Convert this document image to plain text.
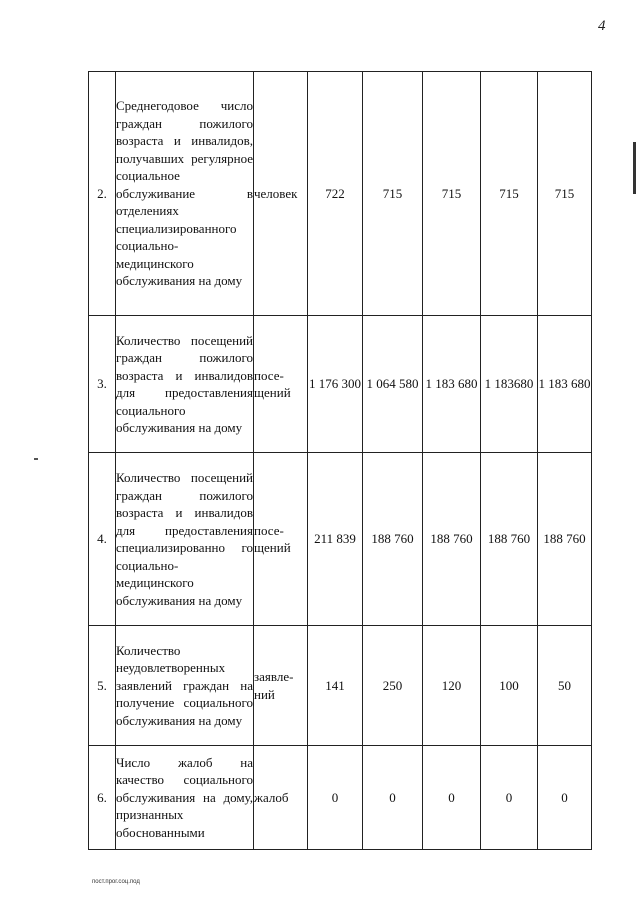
4
2.	Среднегодовое число граждан пожилого возраста и инвалидов, получавших регулярное социальное обслуживание в отделениях специализированного социально-медицинского обслуживания на дому	человек	722	715	715	715	715
3.	Количество посещений граждан пожилого возраста и инвалидов для предоставления социального обслуживания на дому	посещений	1 176 300	1 064 580	1 183 680	1 183680	1 183 680
4.	Количество посещений граждан пожилого возраста и инвалидов для предоставления специализированно го социально-медицинского обслуживания на дому	посещений	211 839	188 760	188 760	188 760	188 760
5.	Количество неудовлетворенных заявлений граждан на получение социального обслуживания на дому	заявлений	141	250	120	100	50
6.	Число жалоб на качество социального обслуживания на дому, признанных обоснованными	жалоб	0	0	0	0	0
пост.прог.соц.под
